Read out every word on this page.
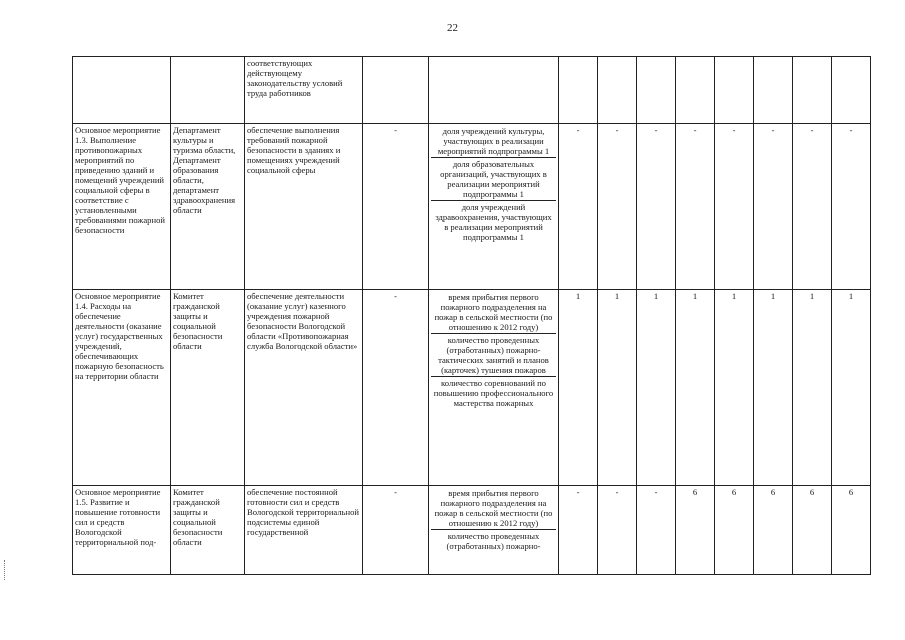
22
		соответствующих действующему законодательству условий труда работников		

Основное мероприятие 1.3. Выполнение противопожарных мероприятий по приведению зданий и помещений учреждений социальной сферы в соответствие с установленными требованиями пожарной безопасности	Департамент культуры и туризма области, Департамент образования области, департамент здравоохранения области	обеспечение выполнения требований пожарной безопасности в зданиях и помещениях учреждений социальной сферы	-	доля учреждений культуры, участвующих в реализации мероприятий подпрограммы 1
доля образовательных организаций, участвующих в реализации мероприятий подпрограммы 1
доля учреждений здравоохранения, участвующих в реализации мероприятий подпрограммы 1	-	-	-	-	-	-	-	-
Основное мероприятие 1.4. Расходы на обеспечение деятельности (оказание услуг) государственных учреждений, обеспечивающих пожарную безопасность на территории области	Комитет гражданской защиты и социальной безопасности области	обеспечение деятельности (оказание услуг) казенного учреждения пожарной безопасности Вологодской области «Противопожарная служба Вологодской области»	-	время прибытия первого пожарного подразделения на пожар в сельской местности (по отношению к 2012 году)
количество проведенных (отработанных) пожарно-тактических занятий и планов (карточек) тушения пожаров
количество соревнований по повышению профессионального мастерства пожарных	1	1	1	1	1	1	1	1
Основное мероприятие 1.5. Развитие и повышение готовности сил и средств Вологодской территориальной под-	Комитет гражданской защиты и социальной безопасности области	обеспечение постоянной готовности сил и средств Вологодской территориальной подсистемы единой государственной	-	время прибытия первого пожарного подразделения на пожар в сельской местности (по отношению к 2012 году)
количество проведенных (отработанных) пожарно-	-	-	-	6	6	6	6	6
